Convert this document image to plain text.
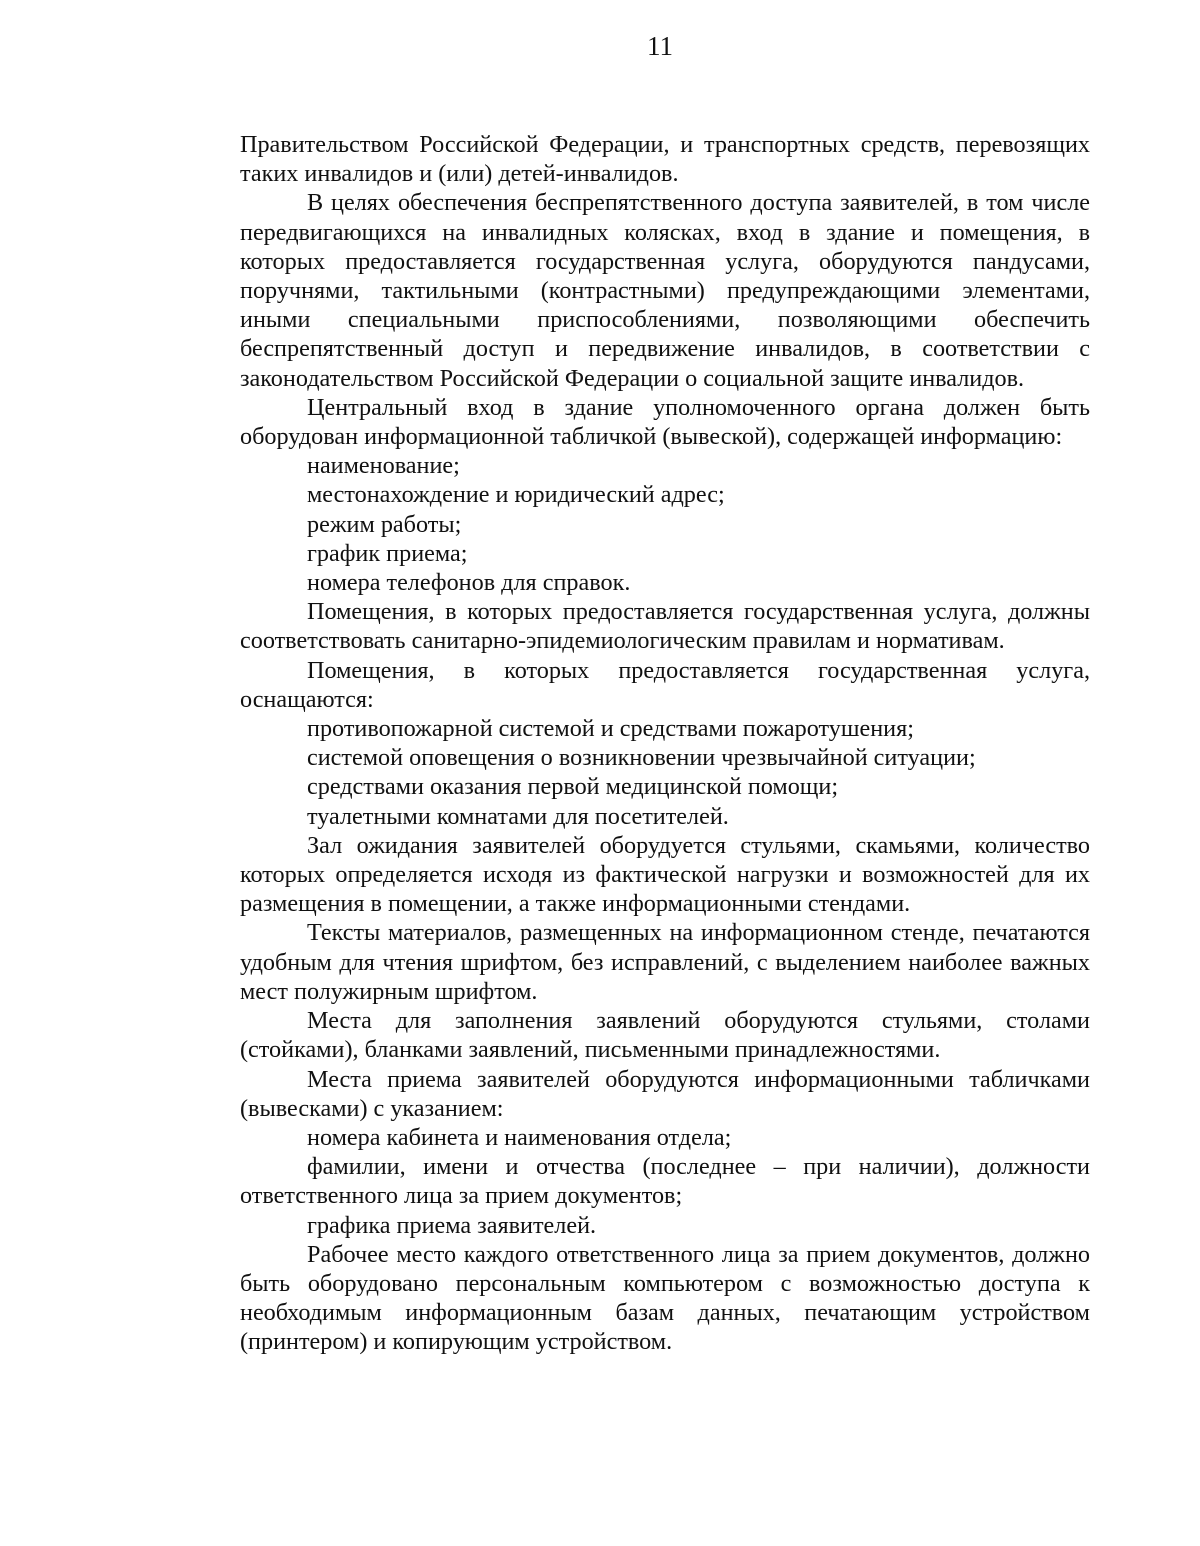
11

Правительством Российской Федерации, и транспортных средств, перевозящих таких инвалидов и (или) детей-инвалидов.

В целях обеспечения беспрепятственного доступа заявителей, в том числе передвигающихся на инвалидных колясках, вход в здание и помещения, в которых предоставляется государственная услуга, оборудуются пандусами, поручнями, тактильными (контрастными) предупреждающими элементами, иными специальными приспособлениями, позволяющими обеспечить беспрепятственный доступ и передвижение инвалидов, в соответствии с законодательством Российской Федерации о социальной защите инвалидов.

Центральный вход в здание уполномоченного органа должен быть оборудован информационной табличкой (вывеской), содержащей информацию:

наименование;

местонахождение и юридический адрес;

режим работы;

график приема;

номера телефонов для справок.

Помещения, в которых предоставляется государственная услуга, должны соответствовать санитарно-эпидемиологическим правилам и нормативам.

Помещения, в которых предоставляется государственная услуга, оснащаются:

противопожарной системой и средствами пожаротушения;

системой оповещения о возникновении чрезвычайной ситуации;

средствами оказания первой медицинской помощи;

туалетными комнатами для посетителей.

Зал ожидания заявителей оборудуется стульями, скамьями, количество которых определяется исходя из фактической нагрузки и возможностей для их размещения в помещении, а также информационными стендами.

Тексты материалов, размещенных на информационном стенде, печатаются удобным для чтения шрифтом, без исправлений, с выделением наиболее важных мест полужирным шрифтом.

Места для заполнения заявлений оборудуются стульями, столами (стойками), бланками заявлений, письменными принадлежностями.

Места приема заявителей оборудуются информационными табличками (вывесками) с указанием:

номера кабинета и наименования отдела;

фамилии, имени и отчества (последнее – при наличии), должности ответственного лица за прием документов;

графика приема заявителей.

Рабочее место каждого ответственного лица за прием документов, должно быть оборудовано персональным компьютером с возможностью доступа к необходимым информационным базам данных, печатающим устройством (принтером) и копирующим устройством.
